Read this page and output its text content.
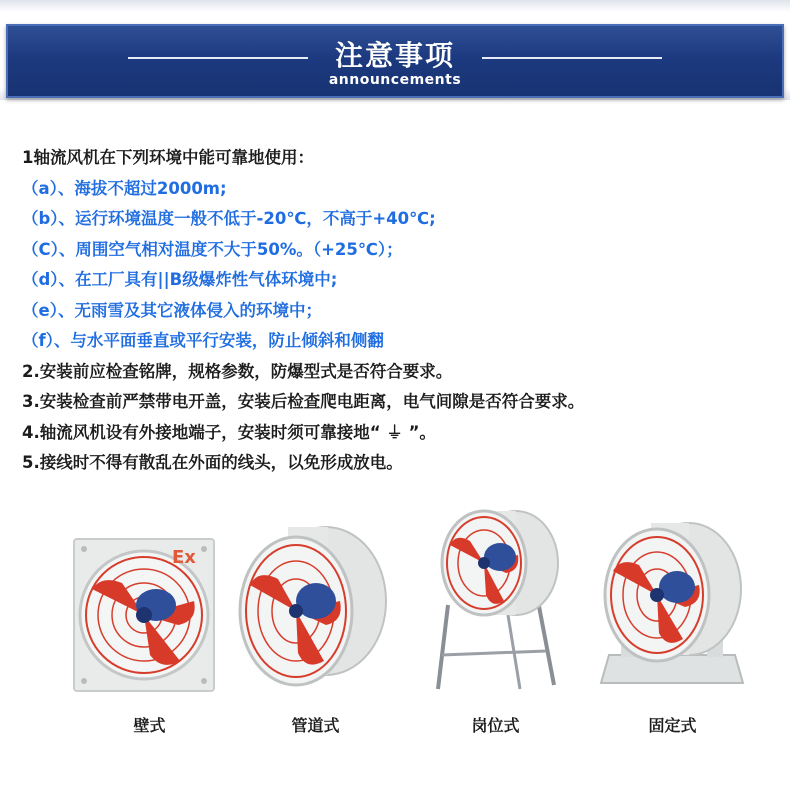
注意事项
announcements
1轴流风机在下列环境中能可靠地使用：
（a）、海拔不超过2000m;
（b）、运行环境温度一般不低于-20℃，不高于+40℃;
（C）、周围空气相对温度不大于50%。（+25℃）；
（d）、在工厂具有||B级爆炸性气体环境中;
（e）、无雨雪及其它液体侵入的环境中；
（f）、与水平面垂直或平行安装，防止倾斜和侧翻
2.安装前应检查铭牌，规格参数，防爆型式是否符合要求。
3.安装检查前严禁带电开盖，安装后检查爬电距离，电气间隙是否符合要求。
4.轴流风机设有外接地端子，安装时须可靠接地“ ⏚ ”。
5.接线时不得有散乱在外面的线头，以免形成放电。
Ex
壁式	管道式	岗位式	固定式
